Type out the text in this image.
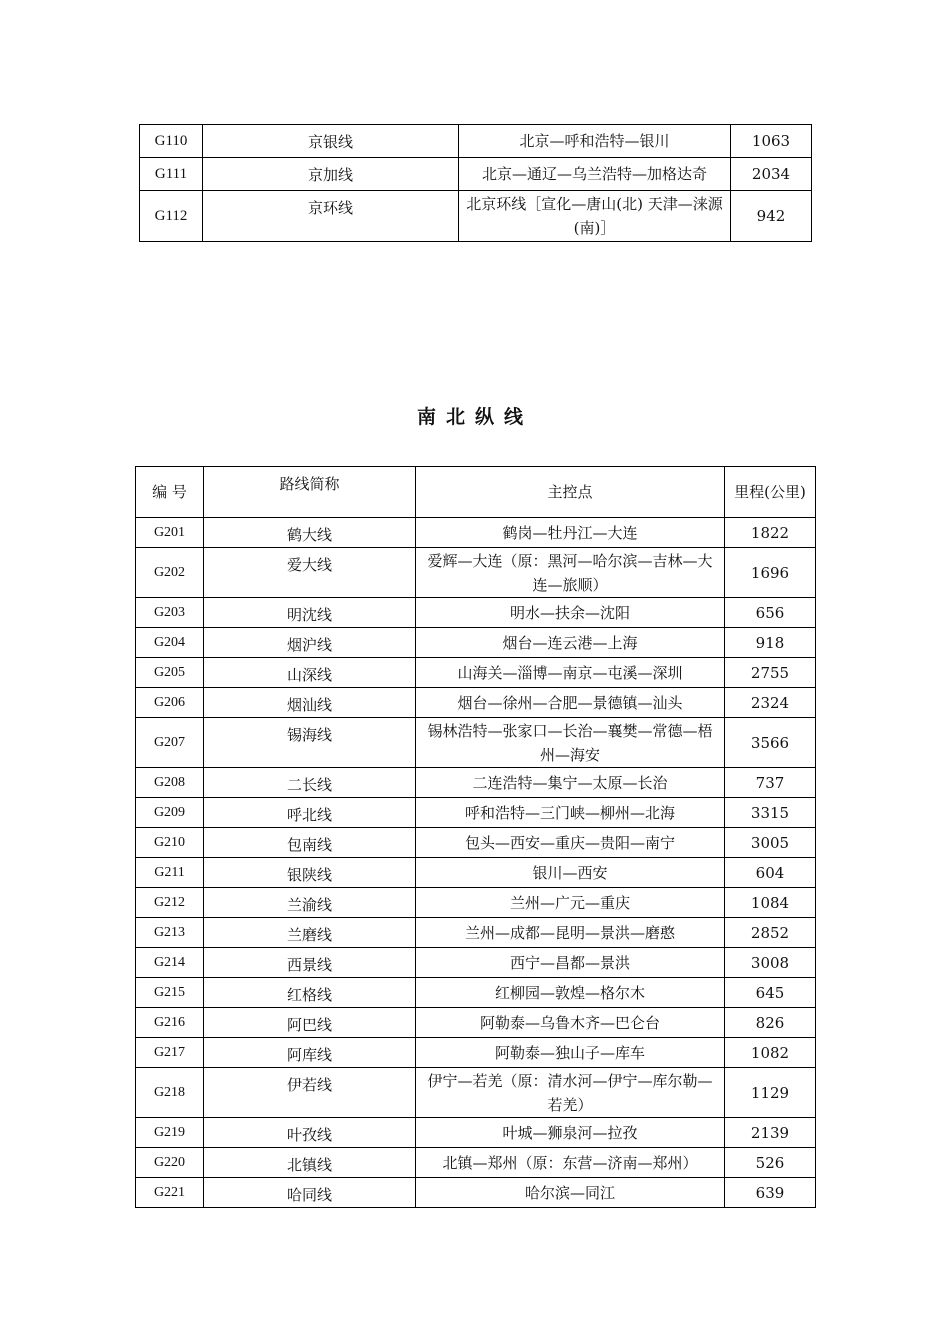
G110	京银线	北京—呼和浩特—银川	1063
G111	京加线	北京—通辽—乌兰浩特—加格达奇	2034
G112	京环线	北京环线［宣化—唐山(北) 天津—涞源(南)］	942
南北纵线
编 号	路线简称	主控点	里程(公里)
G201	鹤大线	鹤岗—牡丹江—大连	1822
G202	爱大线	爱辉—大连（原：黑河—哈尔滨—吉林—大连—旅顺）	1696
G203	明沈线	明水—扶余—沈阳	656
G204	烟沪线	烟台—连云港—上海	918
G205	山深线	山海关—淄博—南京—屯溪—深圳	2755
G206	烟汕线	烟台—徐州—合肥—景德镇—汕头	2324
G207	锡海线	锡林浩特—张家口—长治—襄樊—常德—梧州—海安	3566
G208	二长线	二连浩特—集宁—太原—长治	737
G209	呼北线	呼和浩特—三门峡—柳州—北海	3315
G210	包南线	包头—西安—重庆—贵阳—南宁	3005
G211	银陕线	银川—西安	604
G212	兰渝线	兰州—广元—重庆	1084
G213	兰磨线	兰州—成都—昆明—景洪—磨憨	2852
G214	西景线	西宁—昌都—景洪	3008
G215	红格线	红柳园—敦煌—格尔木	645
G216	阿巴线	阿勒泰—乌鲁木齐—巴仑台	826
G217	阿库线	阿勒泰—独山子—库车	1082
G218	伊若线	伊宁—若羌（原：清水河—伊宁—库尔勒—若羌）	1129
G219	叶孜线	叶城—狮泉河—拉孜	2139
G220	北镇线	北镇—郑州（原：东营—济南—郑州）	526
G221	哈同线	哈尔滨—同江	639
